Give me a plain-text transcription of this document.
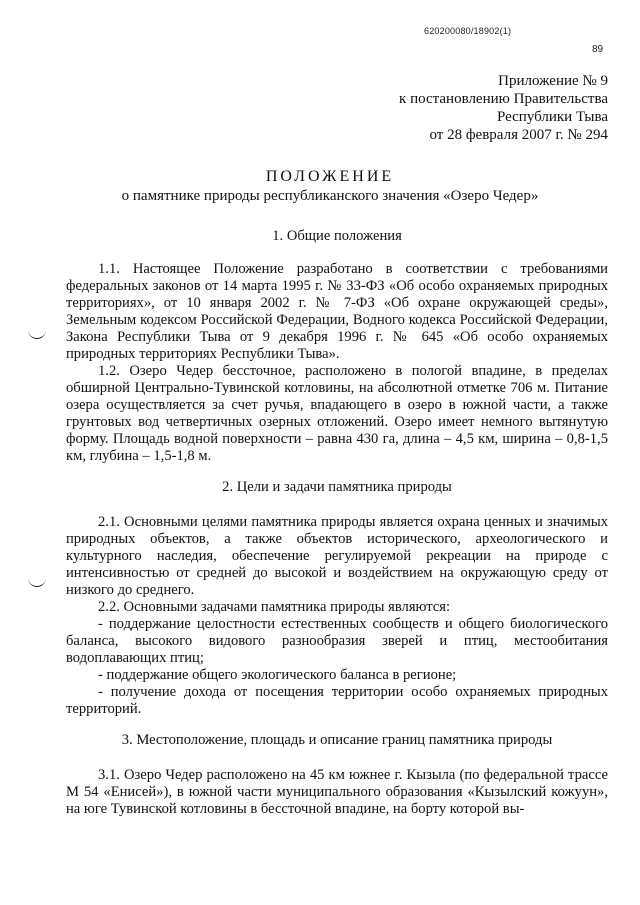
620200080/18902(1)
89
Приложение № 9
к постановлению Правительства
Республики Тыва
от 28 февраля 2007 г. № 294
ПОЛОЖЕНИЕ
о памятнике природы республиканского значения «Озеро Чедер»

1. Общие положения

1.1. Настоящее Положение разработано в соответствии с требованиями федеральных законов от 14 марта 1995 г. № 33-ФЗ «Об особо охраняемых природных территориях», от 10 января 2002 г. № 7-ФЗ «Об охране окружающей среды», Земельным кодексом Российской Федерации, Водного кодекса Российской Федерации, Закона Республики Тыва от 9 декабря 1996 г. № 645 «Об особо охраняемых природных территориях Республики Тыва».

1.2. Озеро Чедер бессточное, расположено в пологой впадине, в пределах обширной Центрально-Тувинской котловины, на абсолютной отметке 706 м. Питание озера осуществляется за счет ручья, впадающего в озеро в южной части, а также грунтовых вод четвертичных озерных отложений. Озеро имеет немного вытянутую форму. Площадь водной поверхности – равна 430 га, длина – 4,5 км, ширина – 0,8-1,5 км, глубина – 1,5-1,8 м.

2. Цели и задачи памятника природы

2.1. Основными целями памятника природы является охрана ценных и значимых природных объектов, а также объектов исторического, археологического и культурного наследия, обеспечение регулируемой рекреации на природе с интенсивностью от средней до высокой и воздействием на окружающую среду от низкого до среднего.

2.2. Основными задачами памятника природы являются:

- поддержание целостности естественных сообществ и общего биологического баланса, высокого видового разнообразия зверей и птиц, местообитания водоплавающих птиц;

- поддержание общего экологического баланса в регионе;

- получение дохода от посещения территории особо охраняемых природных территорий.

3. Местоположение, площадь и описание границ памятника природы

3.1. Озеро Чедер расположено на 45 км южнее г. Кызыла (по федеральной трассе М 54 «Енисей»), в южной части муниципального образования «Кызылский кожуун», на юге Тувинской котловины в бессточной впадине, на борту которой вы-
